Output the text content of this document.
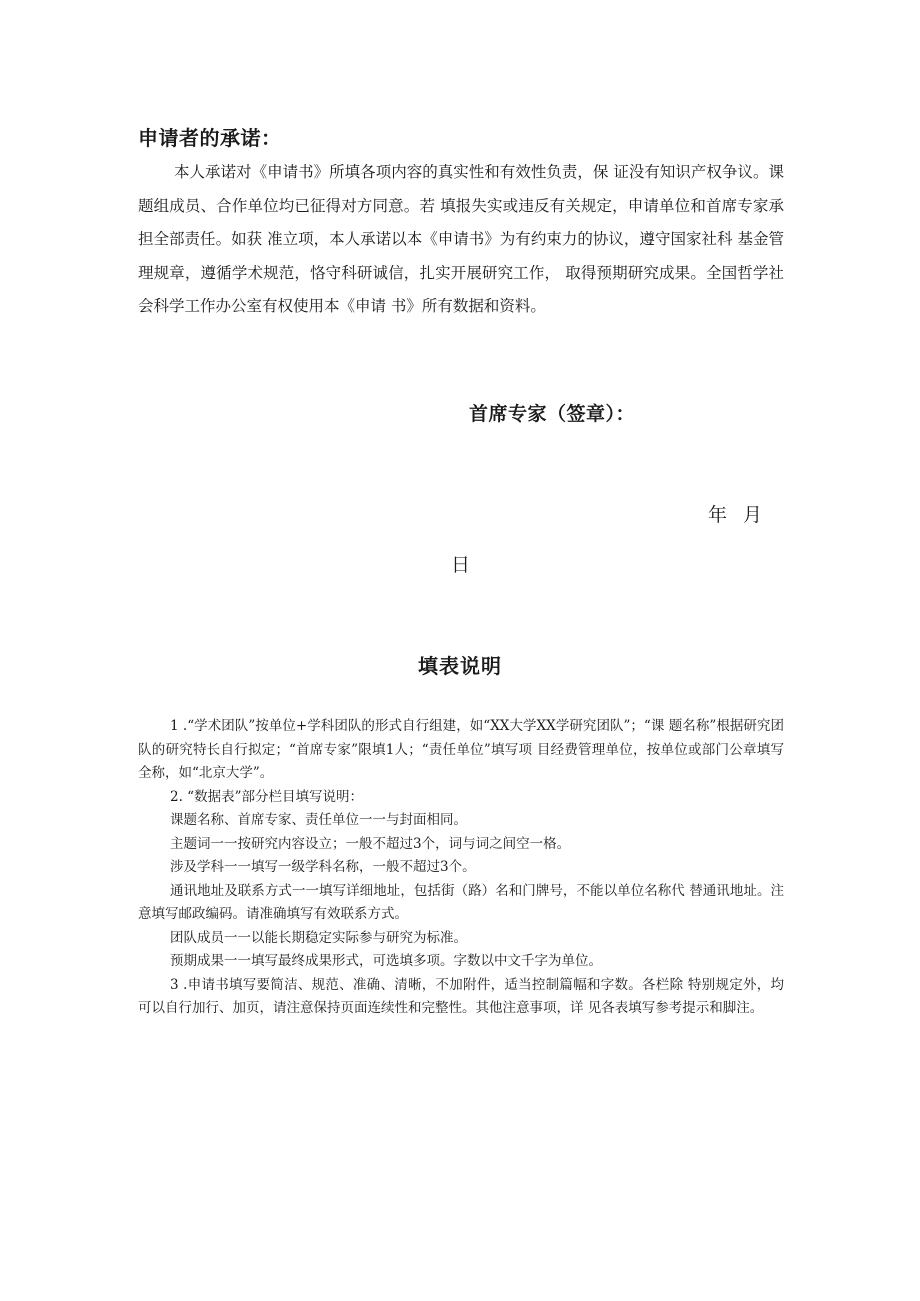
申请者的承诺：

本人承诺对《申请书》所填各项内容的真实性和有效性负责，保 证没有知识产权争议。课题组成员、合作单位均已征得对方同意。若 填报失实或违反有关规定，申请单位和首席专家承担全部责任。如获 准立项，本人承诺以本《申请书》为有约束力的协议，遵守国家社科 基金管理规章，遵循学术规范，恪守科研诚信，扎实开展研究工作， 取得预期研究成果。全国哲学社会科学工作办公室有权使用本《申请 书》所有数据和资料。

首席专家（签章）：
年 月
日
填表说明

1 .“学术团队”按单位+学科团队的形式自行组建，如“XX大学XX学研究团队”；“课 题名称”根据研究团队的研究特长自行拟定；“首席专家”限填1人；“责任单位”填写项 目经费管理单位，按单位或部门公章填写全称，如“北京大学”。

2. “数据表”部分栏目填写说明：

课题名称、首席专家、责任单位一一与封面相同。

主题词一一按研究内容设立；一般不超过3个，词与词之间空一格。

涉及学科一一填写一级学科名称，一般不超过3个。

通讯地址及联系方式一一填写详细地址，包括街（路）名和门牌号，不能以单位名称代 替通讯地址。注意填写邮政编码。请准确填写有效联系方式。

团队成员一一以能长期稳定实际参与研究为标准。

预期成果一一填写最终成果形式，可选填多项。字数以中文千字为单位。

3 .申请书填写要简洁、规范、准确、清晰，不加附件，适当控制篇幅和字数。各栏除 特别规定外，均可以自行加行、加页，请注意保持页面连续性和完整性。其他注意事项，详 见各表填写参考提示和脚注。
